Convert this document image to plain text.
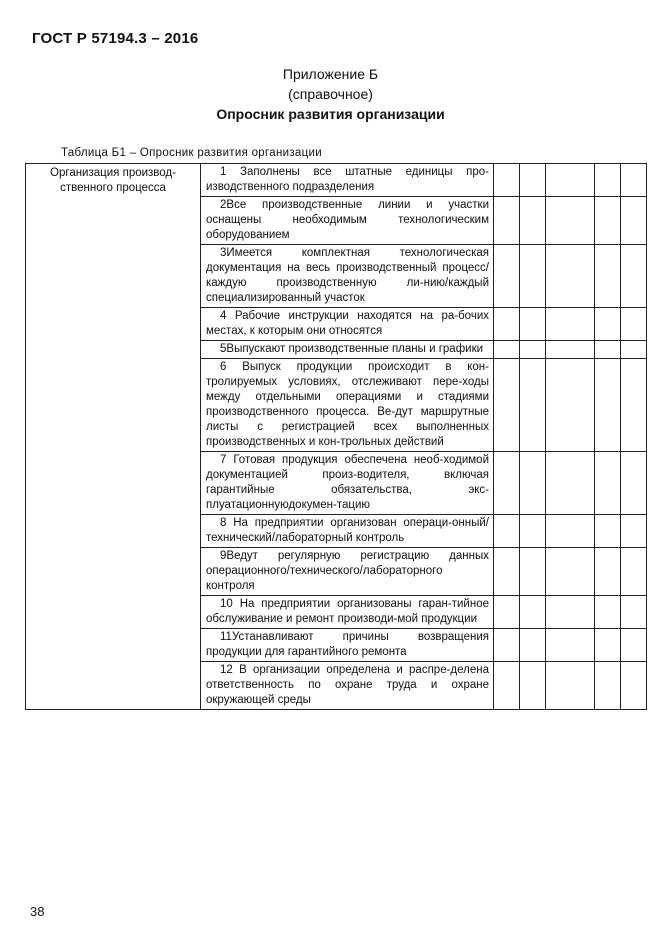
ГОСТ Р 57194.3 – 2016
Приложение Б
(справочное)
Опросник развития организации
Таблица Б1 – Опросник развития организации
Организация производ-ственного процесса	1 Заполнены все штатные единицы про-изводственного подразделения					
	2Все производственные линии и участки оснащены необходимым технологическим оборудованием					
	3Имеется комплектная технологическая документация на весь производственный процесс/каждую производственную ли-нию/каждый специализированный участок					
	4 Рабочие инструкции находятся на ра-бочих местах, к которым они относятся					
	5Выпускают производственные планы и графики					
	6 Выпуск продукции происходит в кон-тролируемых условиях, отслеживают пере-ходы между отдельными операциями и стадиями производственного процесса. Ве-дут маршрутные листы с регистрацией всех выполненных производственных и кон-трольных действий					
	7 Готовая продукция обеспечена необ-ходимой документацией произ-водителя, включая гарантийные обязательства, экс-плуатационнуюдокумен-тацию					
	8 На предприятии организован операци-онный/технический/лабораторный контроль					
	9Ведут регулярную регистрацию данных операционного/технического/лабораторного контроля					
	10 На предприятии организованы гаран-тийное обслуживание и ремонт производи-мой продукции					
	11Устанавливают причины возвращения продукции для гарантийного ремонта					
	12 В организации определена и распре-делена ответственность по охране труда и охране окружающей среды					
38
